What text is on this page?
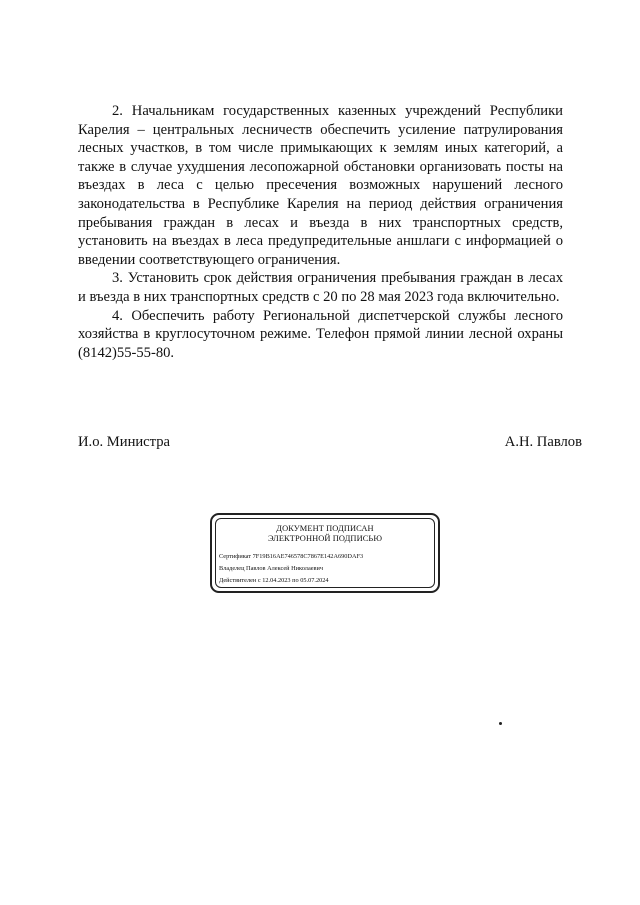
2. Начальникам государственных казенных учреждений Республики Карелия – центральных лесничеств обеспечить усиление патрулирования лесных участков, в том числе примыкающих к землям иных категорий, а также в случае ухудшения лесопожарной обстановки организовать посты на въездах в леса с целью пресечения возможных нарушений лесного законодательства в Республике Карелия на период действия ограничения пребывания граждан в лесах и въезда в них транспортных средств, установить на въездах в леса предупредительные аншлаги с информацией о введении соответствующего ограничения.

3. Установить срок действия ограничения пребывания граждан в лесах и въезда в них транспортных средств с 20 по 28 мая 2023 года включительно.

4. Обеспечить работу Региональной диспетчерской службы лесного хозяйства в круглосуточном режиме. Телефон прямой линии лесной охраны (8142)55-55-80.

И.о. Министра	А.Н. Павлов
ДОКУМЕНТ ПОДПИСАН
ЭЛЕКТРОННОЙ ПОДПИСЬЮ
Сертификат 7F19B16AE746578C7867E142A690DAF3
Владелец Павлов Алексей Николаевич
Действителен с 12.04.2023 по 05.07.2024
